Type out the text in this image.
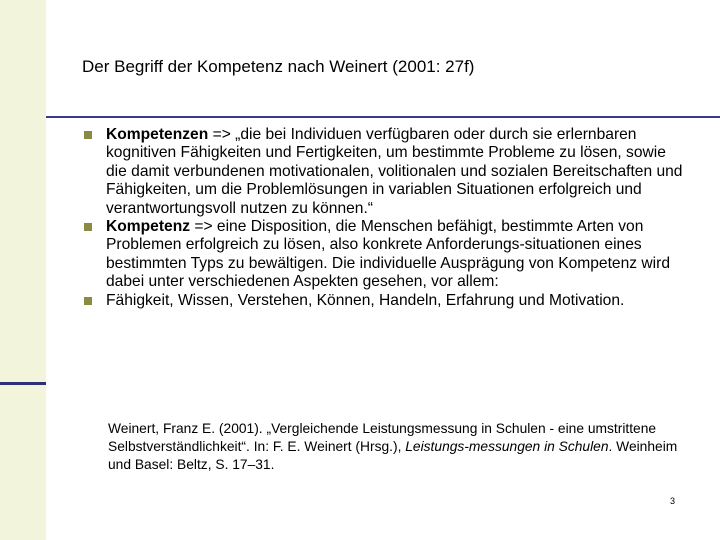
Der Begriff der Kompetenz nach Weinert (2001: 27f)

Kompetenzen => „die bei Individuen verfügbaren oder durch sie erlernbaren kognitiven Fähigkeiten und Fertigkeiten, um bestimmte Probleme zu lösen, sowie die damit verbundenen motivationalen, volitionalen und sozialen Bereitschaften und Fähigkeiten, um die Problemlösungen in variablen Situationen erfolgreich und verantwortungsvoll nutzen zu können.“

Kompetenz => eine Disposition, die Menschen befähigt, bestimmte Arten von Problemen erfolgreich zu lösen, also konkrete Anforderungs-situationen eines bestimmten Typs zu bewältigen. Die individuelle Ausprägung von Kompetenz wird dabei unter verschiedenen Aspekten gesehen, vor allem:

Fähigkeit, Wissen, Verstehen, Können, Handeln, Erfahrung und Motivation.

Weinert, Franz E. (2001). „Vergleichende Leistungsmessung in Schulen - eine umstrittene Selbstverständlichkeit“. In: F. E. Weinert (Hrsg.), Leistungs-messungen in Schulen. Weinheim und Basel: Beltz, S. 17–31.
3
